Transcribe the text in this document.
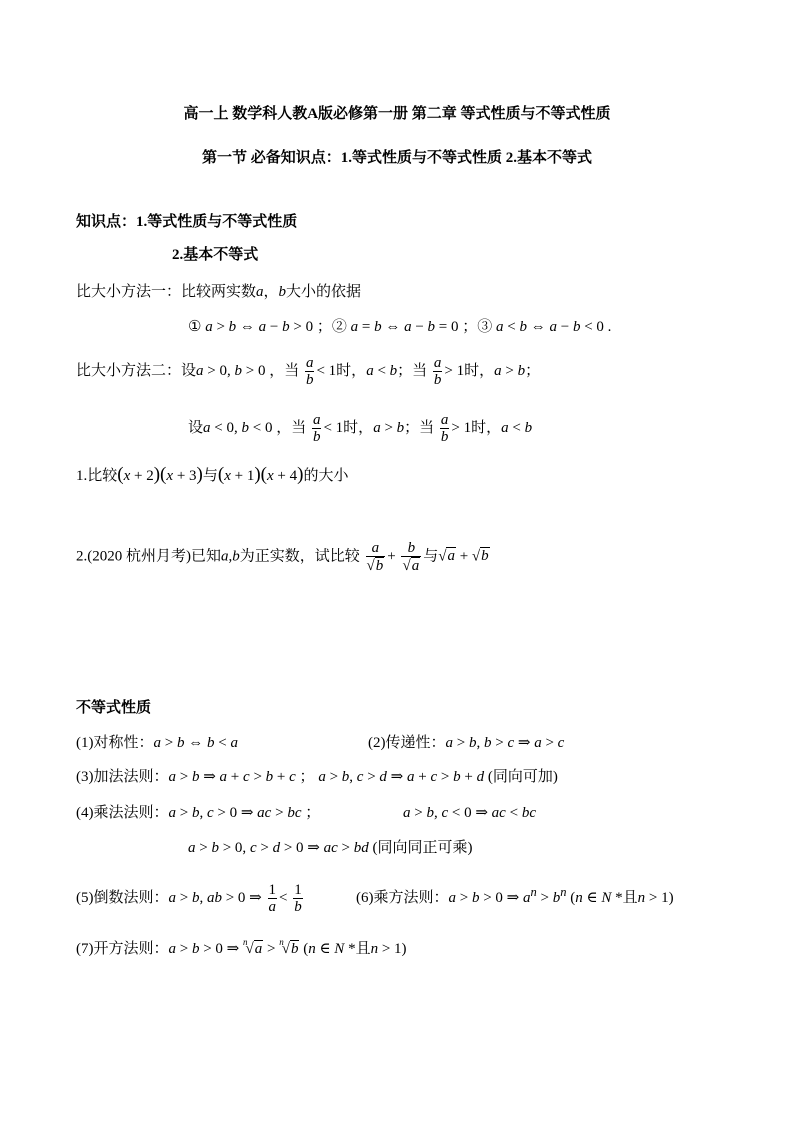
高一上 数学科人教A版必修第一册 第二章 等式性质与不等式性质
第一节 必备知识点：1.等式性质与不等式性质 2.基本不等式
知识点：1.等式性质与不等式性质
2.基本不等式
比大小方法一：比较两实数a，b大小的依据
① a > b ⇔ a − b > 0 ；② a = b ⇔ a − b = 0 ；③ a < b ⇔ a − b < 0 .
比大小方法二：设a > 0, b > 0 ，当 $\frac{a}{b} < 1$时，a < b；当 $\frac{a}{b} > 1$时，a > b；
设a < 0, b < 0 ，当 $\frac{a}{b} < 1$时，a > b；当 $\frac{a}{b} > 1$时，a < b
1.比较(x + 2)(x + 3)与(x + 1)(x + 4)的大小
2.(2020 杭州月考)已知a,b为正实数，试比较 $\frac{a}{√b} + \frac{b}{√a}$ 与√a + √b
不等式性质
(1)对称性：a > b ⇔ b < a	(2)传递性：a > b, b > c ⇒ a > c
(3)加法法则：a > b ⇒ a + c > b + c ； a > b, c > d ⇒ a + c > b + d (同向可加)
(4)乘法法则：a > b, c > 0 ⇒ ac > bc ；	a > b, c < 0 ⇒ ac < bc
a > b > 0, c > d > 0 ⇒ ac > bd (同向同正可乘)
(5)倒数法则：a > b, ab > 0 ⇒ $\frac{1}{a} < \frac{1}{b}$	(6)乘方法则：a > b > 0 ⇒ $a^n > b^n$ (n ∈ N *且n > 1)
(7)开方法则：a > b > 0 ⇒ $^n$√a > $^n$√b (n ∈ N *且n > 1)
